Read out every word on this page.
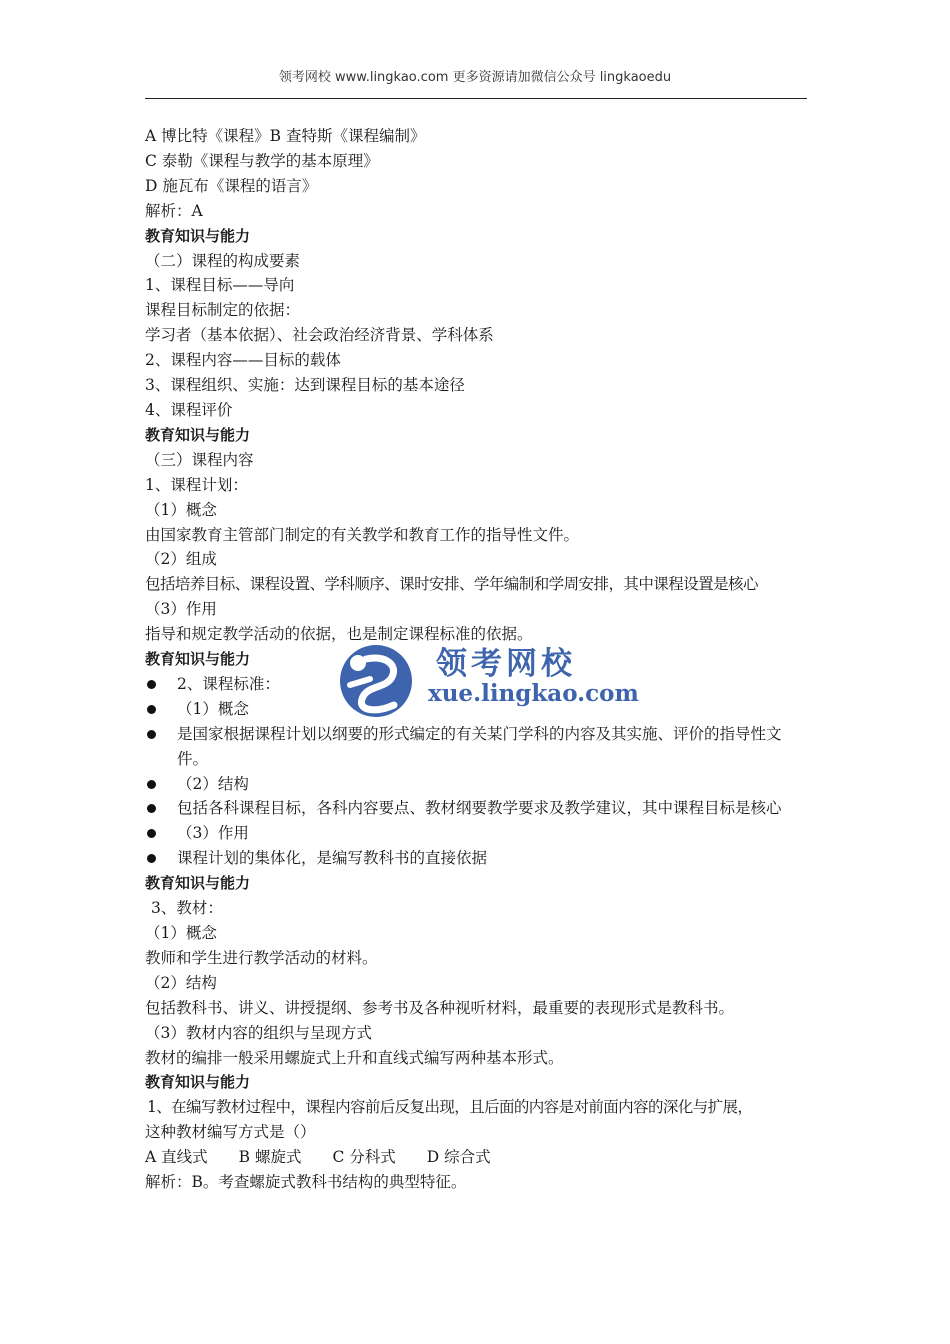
领考网校 www.lingkao.com 更多资源请加微信公众号 lingkaoedu
领考网校
xue.lingkao.com
A 博比特《课程》B 查特斯《课程编制》
C 泰勒《课程与教学的基本原理》
D 施瓦布《课程的语言》
解析：A
教育知识与能力
（二）课程的构成要素
1、课程目标——导向
课程目标制定的依据：
学习者（基本依据）、社会政治经济背景、学科体系
2、课程内容——目标的载体
3、课程组织、实施：达到课程目标的基本途径
4、课程评价
教育知识与能力
（三）课程内容
1、课程计划：
（1）概念
由国家教育主管部门制定的有关教学和教育工作的指导性文件。
（2）组成
包括培养目标、课程设置、学科顺序、课时安排、学年编制和学周安排，其中课程设置是核心
（3）作用
指导和规定教学活动的依据，也是制定课程标准的依据。
教育知识与能力
2、课程标准：
（1）概念
是国家根据课程计划以纲要的形式编定的有关某门学科的内容及其实施、评价的指导性文件。
（2）结构
包括各科课程目标，各科内容要点、教材纲要教学要求及教学建议，其中课程目标是核心
（3）作用
课程计划的集体化，是编写教科书的直接依据
教育知识与能力
3、教材：
（1）概念
教师和学生进行教学活动的材料。
（2）结构
包括教科书、讲义、讲授提纲、参考书及各种视听材料，最重要的表现形式是教科书。
（3）教材内容的组织与呈现方式
教材的编排一般采用螺旋式上升和直线式编写两种基本形式。
教育知识与能力
1、在编写教材过程中，课程内容前后反复出现，且后面的内容是对前面内容的深化与扩展，
这种教材编写方式是（）
A 直线式　　B 螺旋式　　C 分科式　　D 综合式
解析：B。考查螺旋式教科书结构的典型特征。
